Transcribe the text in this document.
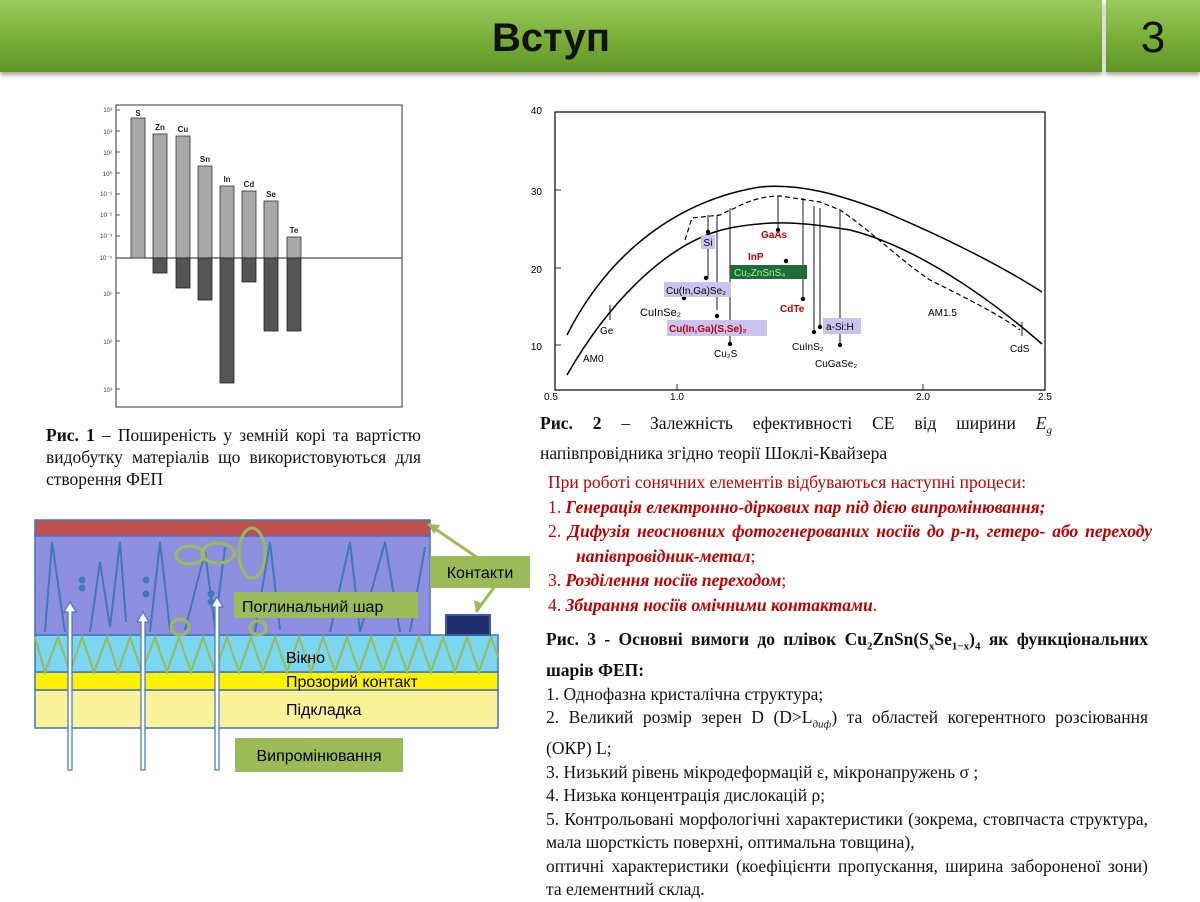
Вступ	3
10³
10³
10²
10⁰
10⁻¹
10⁻²
10⁻³
10⁻⁴
10¹
10²
10³
S
Zn Cu
Sn
In
Cd
Se
Te
Рис. 1 – Поширеність у земній корі та вартістю видобутку матеріалів що використовуються для створення ФЕП
40
30
20
10
0.5	1.0	2.0	2.5
Si
GaAs
InP
Cu₂ZnSnS₄
Cu(In,Ga)Se₂
CuInSe₂
Cu(In,Ga)(S,Se)₂
Ge
CdTe
Cu₂S
CuInS₂
CuGaSe₂
a-Si:H
AM1.5
AM0
CdS
Рис. 2 – Залежність ефективності СЕ від ширини $E_g$ напівпровідника згідно теорії Шоклі-Квайзера
Контакти
Поглинальний шар
Вікно
Прозорий контакт
Підкладка
Випромінювання

При роботі сонячних елементів відбуваються наступні процеси:

1. Генерація електронно-діркових пар під дією випромінювання;

2. Дифузія неосновних фотогенерованих носіїв до p-n, гетеро- або переходу напівпровідник-метал;

3. Розділення носіїв переходом;

4. Збирання носіїв омічними контактами.

Рис. 3 - Основні вимоги до плівок $Cu_2ZnSn(S_xSe_{1-x})_4$ як функціональних шарів ФЕП:

1. Однофазна кристалічна структура;

2. Великий розмір зерен D $(D>L_{диф})$ та областей когерентного розсіювання (ОКР) L;

3. Низький рівень мікродеформацій ε, мікронапружень σ ;

4. Низька концентрація дислокацій ρ;

5. Контрольовані морфологічні характеристики (зокрема, стовпчаста структура, мала шорсткість поверхні, оптимальна товщина),

оптичні характеристики (коефіцієнти пропускання, ширина забороненої зони) та елементний склад.
